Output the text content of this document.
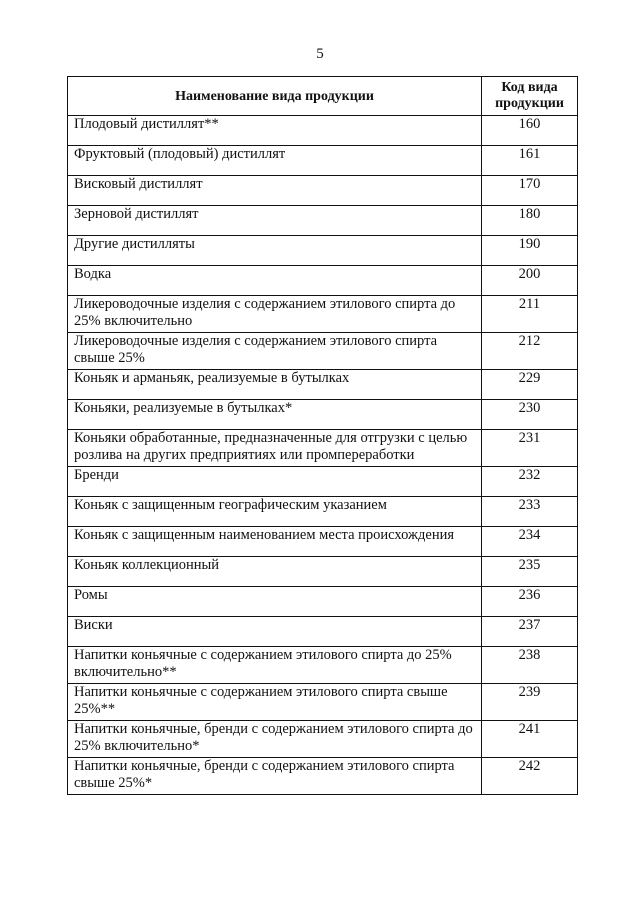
5
Наименование вида продукции	Код вида продукции
Плодовый дистиллят**	160
Фруктовый (плодовый) дистиллят	161
Висковый дистиллят	170
Зерновой дистиллят	180
Другие дистилляты	190
Водка	200
Ликероводочные изделия с содержанием этилового спирта до 25% включительно	211
Ликероводочные изделия с содержанием этилового спирта свыше 25%	212
Коньяк и арманьяк, реализуемые в бутылках	229
Коньяки, реализуемые в бутылках*	230
Коньяки обработанные, предназначенные для отгрузки с целью розлива на других предприятиях или промпереработки	231
Бренди	232
Коньяк с защищенным географическим указанием	233
Коньяк с защищенным наименованием места происхождения	234
Коньяк коллекционный	235
Ромы	236
Виски	237
Напитки коньячные с содержанием этилового спирта до 25% включительно**	238
Напитки коньячные с содержанием этилового спирта свыше 25%**	239
Напитки коньячные, бренди с содержанием этилового спирта до 25% включительно*	241
Напитки коньячные, бренди с содержанием этилового спирта свыше 25%*	242
